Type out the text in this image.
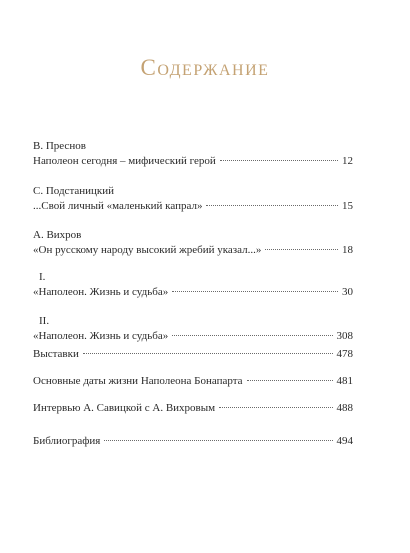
Содержание
В. Преснов
Наполеон сегодня – мифический герой	12
С. Подстаницкий
...Свой личный «маленький капрал»	15
А. Вихров
«Он русскому народу высокий жребий указал...»	18
I.
«Наполеон. Жизнь и судьба»	30
II.
«Наполеон. Жизнь и судьба»	308
Выставки	478
Основные даты жизни Наполеона Бонапарта	481
Интервью А. Савицкой с А. Вихровым	488
Библиография	494
